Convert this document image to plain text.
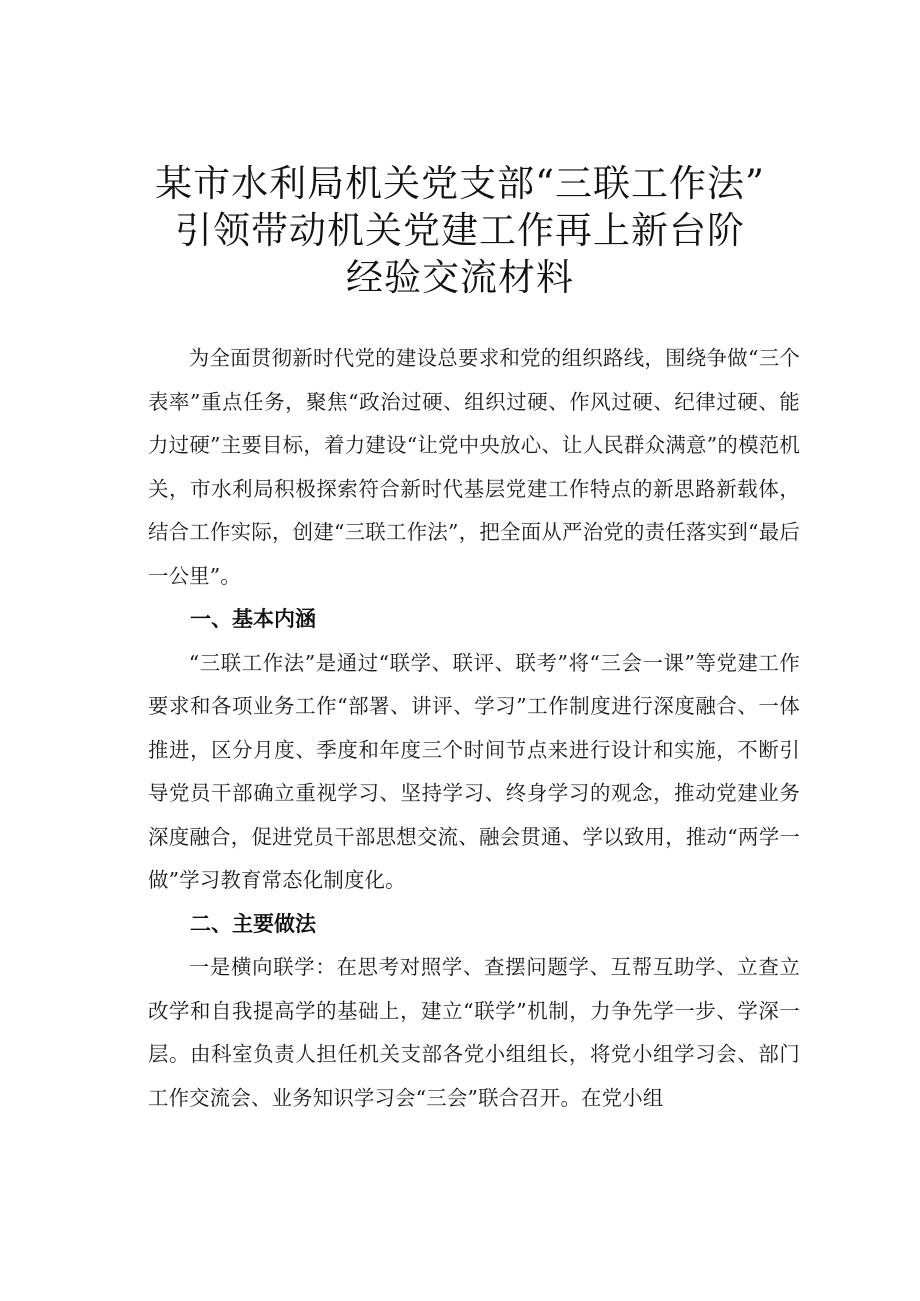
某市水利局机关党支部“三联工作法”
引领带动机关党建工作再上新台阶
经验交流材料

为全面贯彻新时代党的建设总要求和党的组织路线，围绕争做“三个表率”重点任务，聚焦“政治过硬、组织过硬、作风过硬、纪律过硬、能力过硬”主要目标，着力建设“让党中央放心、让人民群众满意”的模范机关，市水利局积极探索符合新时代基层党建工作特点的新思路新载体，结合工作实际，创建“三联工作法”，把全面从严治党的责任落实到“最后一公里”。

一、基本内涵

“三联工作法”是通过“联学、联评、联考”将“三会一课”等党建工作要求和各项业务工作“部署、讲评、学习”工作制度进行深度融合、一体推进，区分月度、季度和年度三个时间节点来进行设计和实施，不断引导党员干部确立重视学习、坚持学习、终身学习的观念，推动党建业务深度融合，促进党员干部思想交流、融会贯通、学以致用，推动“两学一做”学习教育常态化制度化。

二、主要做法

一是横向联学：在思考对照学、查摆问题学、互帮互助学、立查立改学和自我提高学的基础上，建立“联学”机制，力争先学一步、学深一层。由科室负责人担任机关支部各党小组组长，将党小组学习会、部门工作交流会、业务知识学习会“三会”联合召开。在党小组
